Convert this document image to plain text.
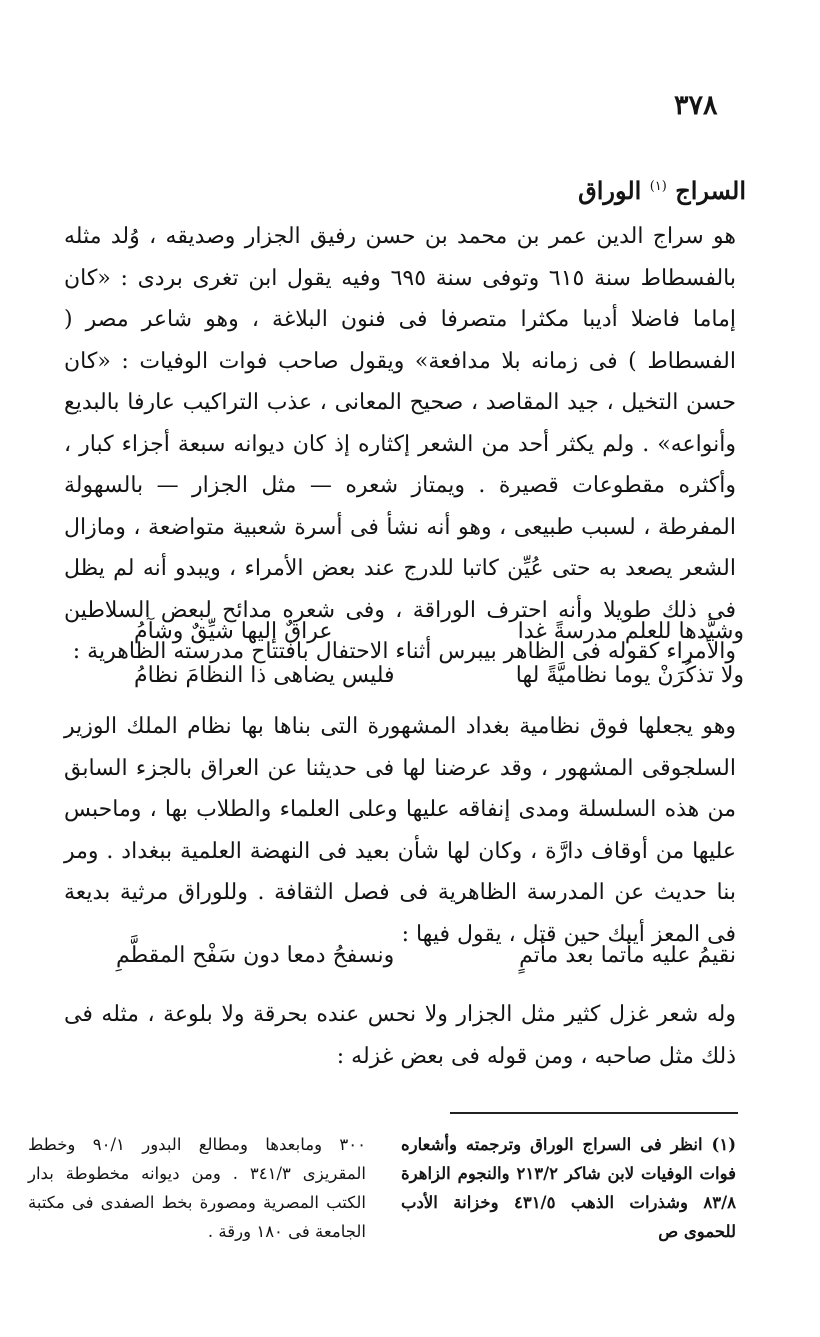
٣٧٨
السراج $^{(١)}$ الوراق
هو سراج الدين عمر بن محمد بن حسن رفيق الجزار وصديقه ، وُلد مثله بالفسطاط سنة ٦١٥ وتوفى سنة ٦٩٥ وفيه يقول ابن تغرى بردى : «كان إماما فاضلا أديبا مكثرا متصرفا فى فنون البلاغة ، وهو شاعر مصر ( الفسطاط ) فى زمانه بلا مدافعة» ويقول صاحب فوات الوفيات : «كان حسن التخيل ، جيد المقاصد ، صحيح المعانى ، عذب التراكيب عارفا بالبديع وأنواعه» . ولم يكثر أحد من الشعر إكثاره إذ كان ديوانه سبعة أجزاء كبار ، وأكثره مقطوعات قصيرة . ويمتاز شعره — مثل الجزار — بالسهولة المفرطة ، لسبب طبيعى ، وهو أنه نشأ فى أسرة شعبية متواضعة ، ومازال الشعر يصعد به حتى عُيِّن كاتبا للدرج عند بعض الأمراء ، ويبدو أنه لم يظل فى ذلك طويلا وأنه احترف الوراقة ، وفى شعره مدائح لبعض السلاطين والأمراء كقوله فى الظاهر بيبرس أثناء الاحتفال بافتتاح مدرسته الظاهرية :
وشيَّدها للعلم مدرسةً غدا
عراقٌ إليها شيِّقٌ وشآمُ
ولا تذكُرَنْ يوما نظاميَّةً لها
فليس يضاهى ذا النظامَ نظامُ
وهو يجعلها فوق نظامية بغداد المشهورة التى بناها بها نظام الملك الوزير السلجوقى المشهور ، وقد عرضنا لها فى حديثنا عن العراق بالجزء السابق من هذه السلسلة ومدى إنفاقه عليها وعلى العلماء والطلاب بها ، وماحبس عليها من أوقاف دارَّة ، وكان لها شأن بعيد فى النهضة العلمية ببغداد . ومر بنا حديث عن المدرسة الظاهرية فى فصل الثقافة . وللوراق مرثية بديعة فى المعز أيبك حين قتل ، يقول فيها :
نقيمُ عليه مأتما بعد مأتمٍ
ونسفحُ دمعا دون سَفْح المقطَّمِ
وله شعر غزل كثير مثل الجزار ولا نحس عنده بحرقة ولا بلوعة ، مثله فى ذلك مثل صاحبه ، ومن قوله فى بعض غزله :
(١) انظر فى السراج الوراق وترجمته وأشعاره فوات الوفيات لابن شاكر ٢١٣/٢ والنجوم الزاهرة ٨٣/٨ وشذرات الذهب ٤٣١/٥ وخزانة الأدب للحموى ص
٣٠٠ ومابعدها ومطالع البدور ٩٠/١ وخطط المقريزى ٣٤١/٣ . ومن ديوانه مخطوطة بدار الكتب المصرية ومصورة بخط الصفدى فى مكتبة الجامعة فى ١٨٠ ورقة .
